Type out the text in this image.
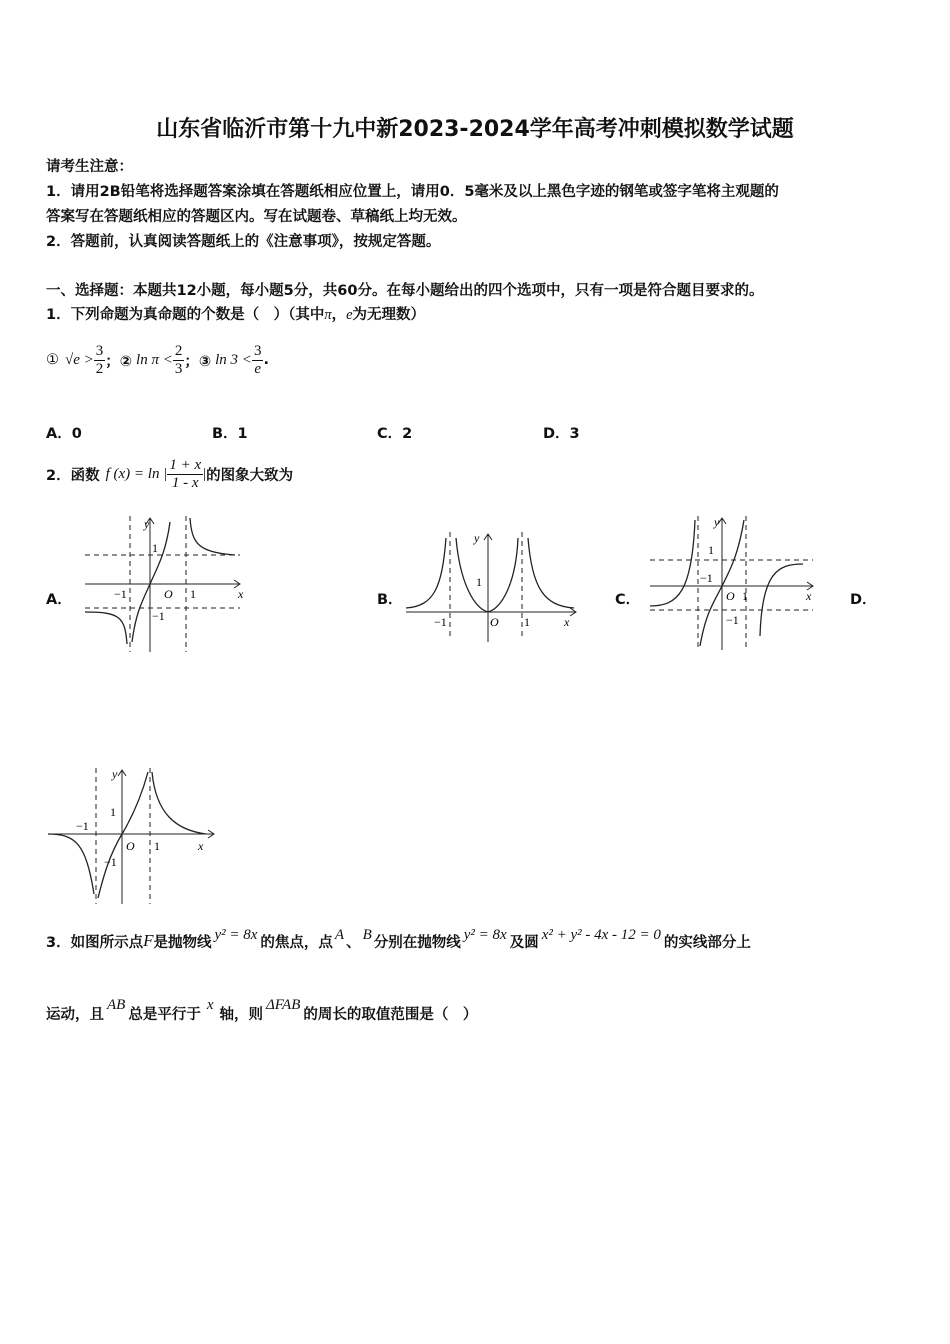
山东省临沂市第十九中新2023-2024学年高考冲刺模拟数学试题
请考生注意：
1．请用2B铅笔将选择题答案涂填在答题纸相应位置上，请用0．5毫米及以上黑色字迹的钢笔或签字笔将主观题的
答案写在答题纸相应的答题区内。写在试题卷、草稿纸上均无效。
2．答题前，认真阅读答题纸上的《注意事项》，按规定答题。
一、选择题：本题共12小题，每小题5分，共60分。在每小题给出的四个选项中，只有一项是符合题目要求的。
1．下列命题为真命题的个数是（　）（其中π，e为无理数）
① $√e > \frac{3}{2}$ ；② $\ln \pi < \frac{2}{3}$ ；③ $\ln 3 < \frac{3}{e}$ .
A．0	B．1	C．2	D．3
2．函数 f (x) = ln | $\frac{1 + x}{1 - x}$ | 的图象大致为
A．	B．	C．	D．
y
x
O 1
−1
1
−1
y
x
O 1
−1
1
y
x
O 1
−1
1
−1
y
x
O 1
−1
1
−1
3．如图所示点 F 是抛物线 y² = 8x 的焦点，点 A 、 B 分别在抛物线 y² = 8x 及圆 x² + y² - 4x - 12 = 0 的实线部分上
运动，且
AB
总是平行于
x
轴，则
ΔFAB
的周长的取值范围是（　）
